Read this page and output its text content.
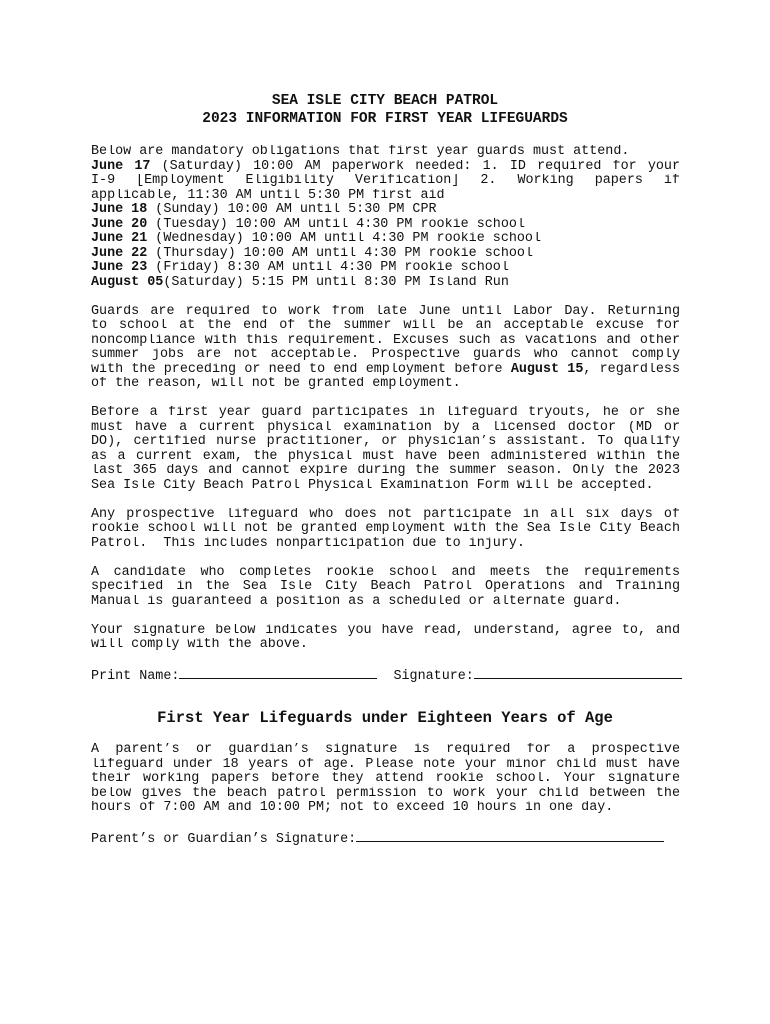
SEA ISLE CITY BEACH PATROL
2023 INFORMATION FOR FIRST YEAR LIFEGUARDS
Below are mandatory obligations that first year guards must attend.
June 17 (Saturday) 10:00 AM paperwork needed: 1. ID required for your
I-9 [Employment Eligibility Verification] 2. Working papers if
applicable, 11:30 AM until 5:30 PM first aid
June 18 (Sunday) 10:00 AM until 5:30 PM CPR
June 20 (Tuesday) 10:00 AM until 4:30 PM rookie school
June 21 (Wednesday) 10:00 AM until 4:30 PM rookie school
June 22 (Thursday) 10:00 AM until 4:30 PM rookie school
June 23 (Friday) 8:30 AM until 4:30 PM rookie school
August 05(Saturday) 5:15 PM until 8:30 PM Island Run
Guards are required to work from late June until Labor Day. Returning
to school at the end of the summer will be an acceptable excuse for
noncompliance with this requirement. Excuses such as vacations and other
summer jobs are not acceptable. Prospective guards who cannot comply
with the preceding or need to end employment before August 15, regardless
of the reason, will not be granted employment.
Before a first year guard participates in lifeguard tryouts, he or she
must have a current physical examination by a licensed doctor (MD or
DO), certified nurse practitioner, or physician’s assistant. To qualify
as a current exam, the physical must have been administered within the
last 365 days and cannot expire during the summer season. Only the 2023
Sea Isle City Beach Patrol Physical Examination Form will be accepted.
Any prospective lifeguard who does not participate in all six days of
rookie school will not be granted employment with the Sea Isle City Beach
Patrol.  This includes nonparticipation due to injury.
A candidate who completes rookie school and meets the requirements
specified in the Sea Isle City Beach Patrol Operations and Training
Manual is guaranteed a position as a scheduled or alternate guard.
Your signature below indicates you have read, understand, agree to, and
will comply with the above.
Print Name:	Signature:
First Year Lifeguards under Eighteen Years of Age
A parent’s or guardian’s signature is required for a prospective
lifeguard under 18 years of age. Please note your minor child must have
their working papers before they attend rookie school. Your signature
below gives the beach patrol permission to work your child between the
hours of 7:00 AM and 10:00 PM; not to exceed 10 hours in one day.
Parent’s or Guardian’s Signature:
